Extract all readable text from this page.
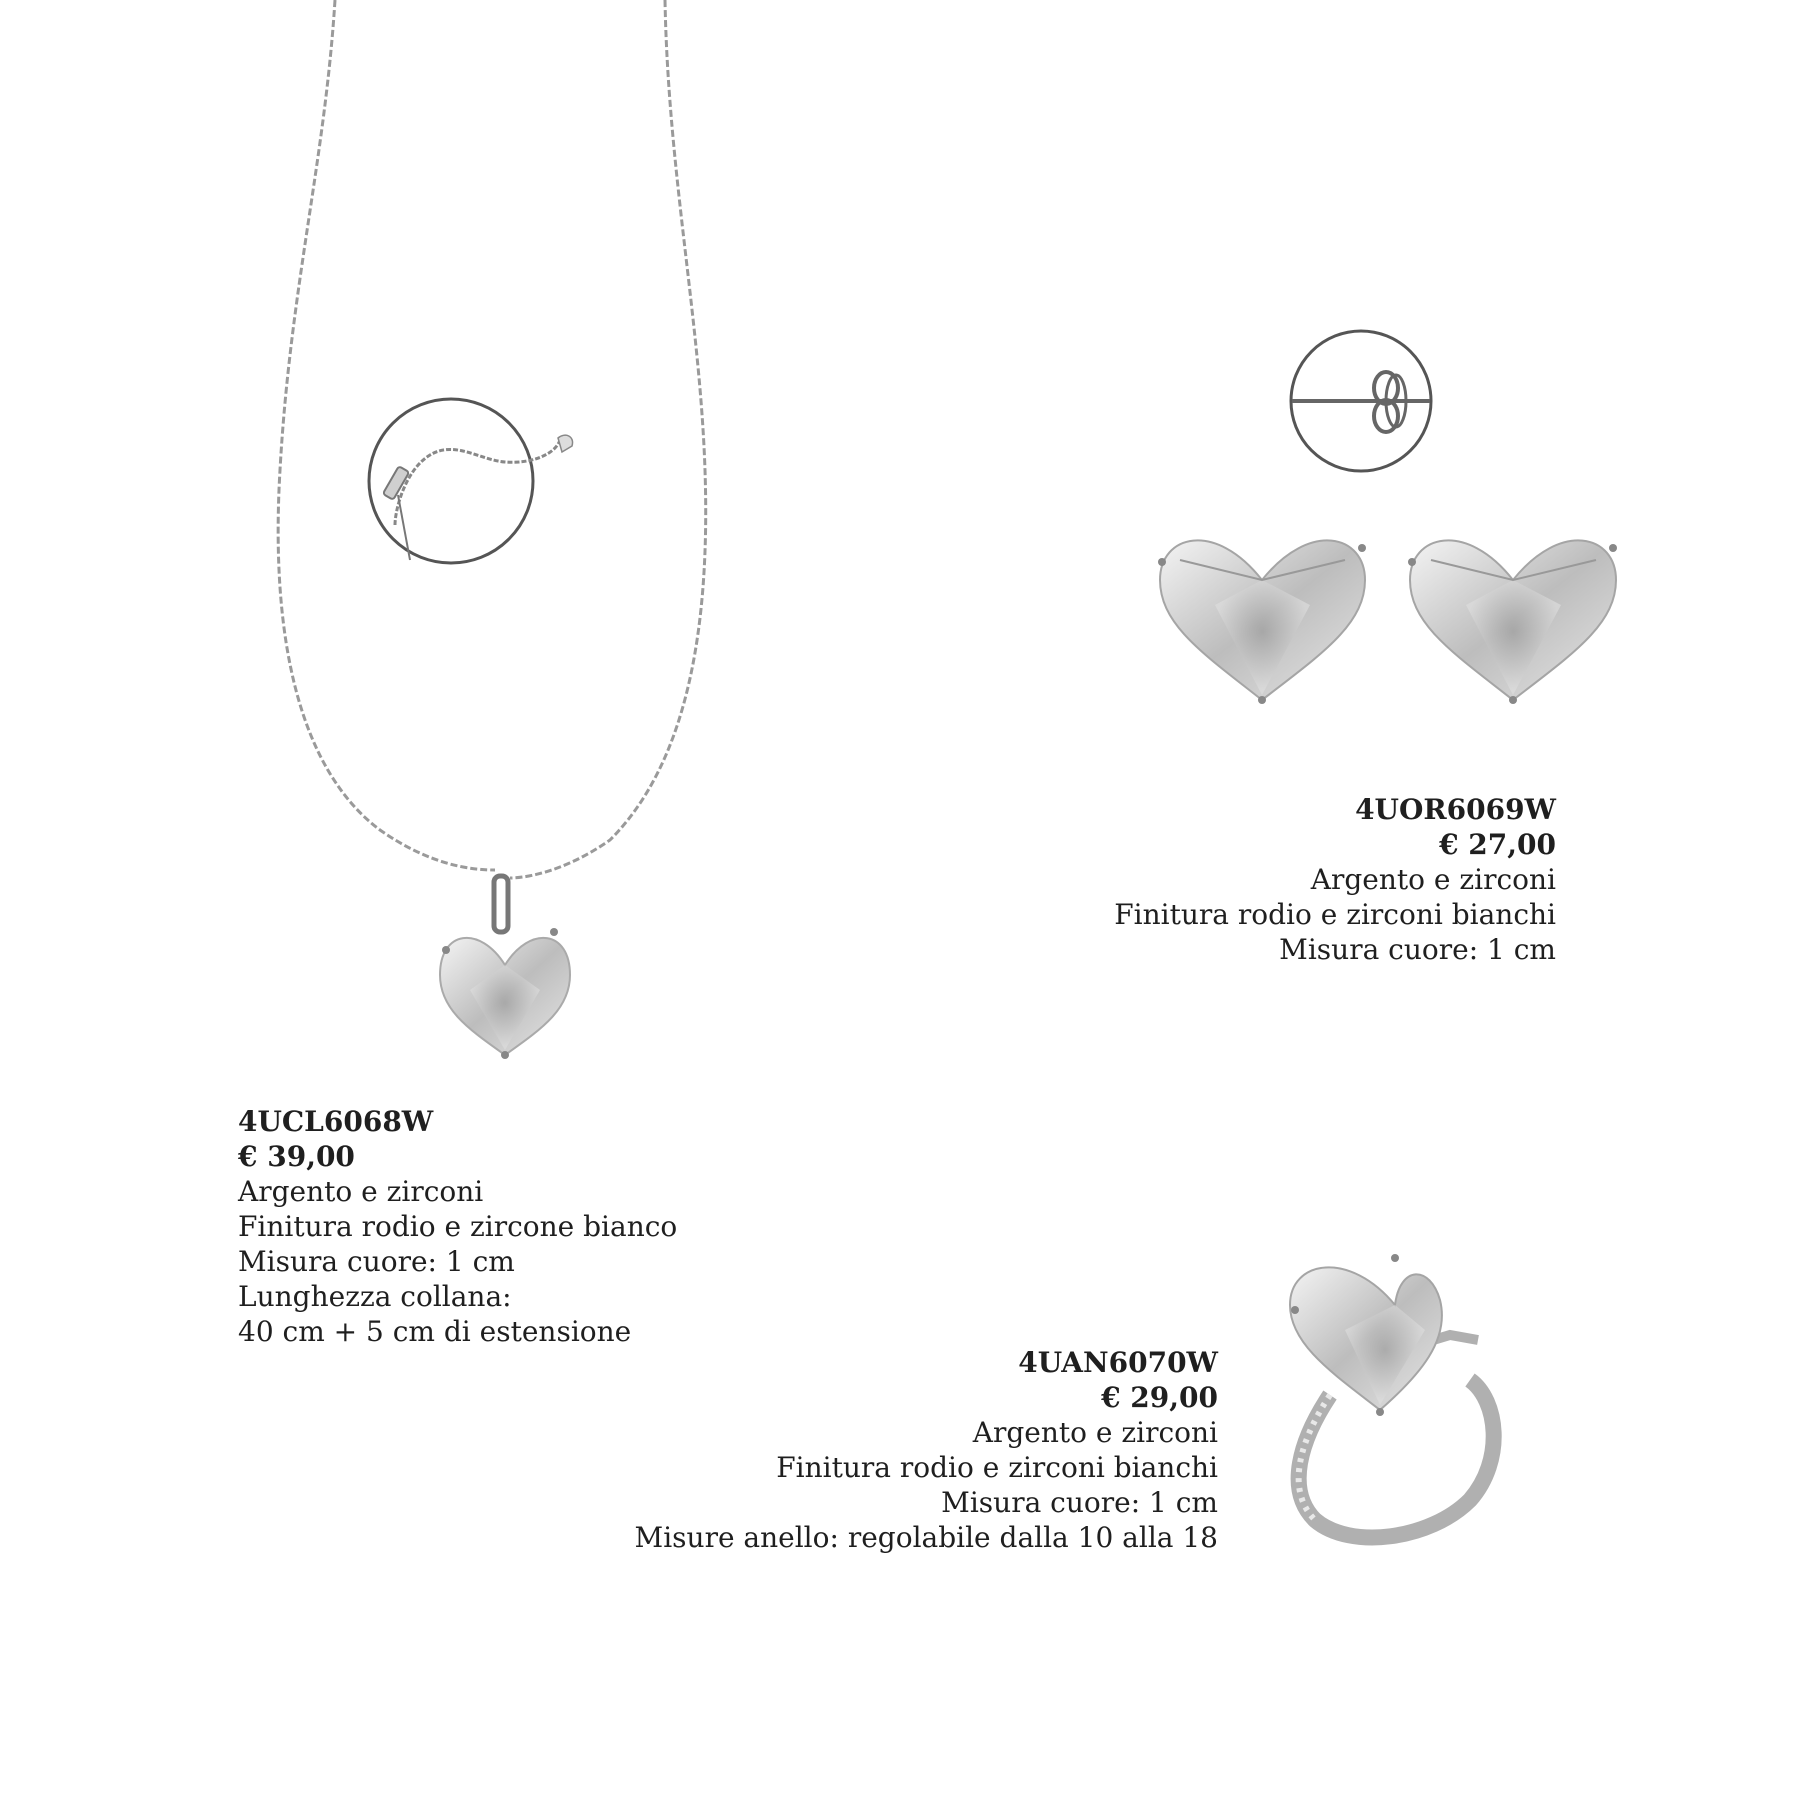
4UCL6068W

€ 39,00

Argento e zirconi

Finitura rodio e zircone bianco

Misura cuore: 1 cm

Lunghezza collana:

40 cm + 5 cm di estensione

4UOR6069W

€ 27,00

Argento e zirconi

Finitura rodio e zirconi bianchi

Misura cuore: 1 cm

4UAN6070W

€ 29,00

Argento e zirconi

Finitura rodio e zirconi bianchi

Misura cuore: 1 cm

Misure anello: regolabile dalla 10 alla 18
